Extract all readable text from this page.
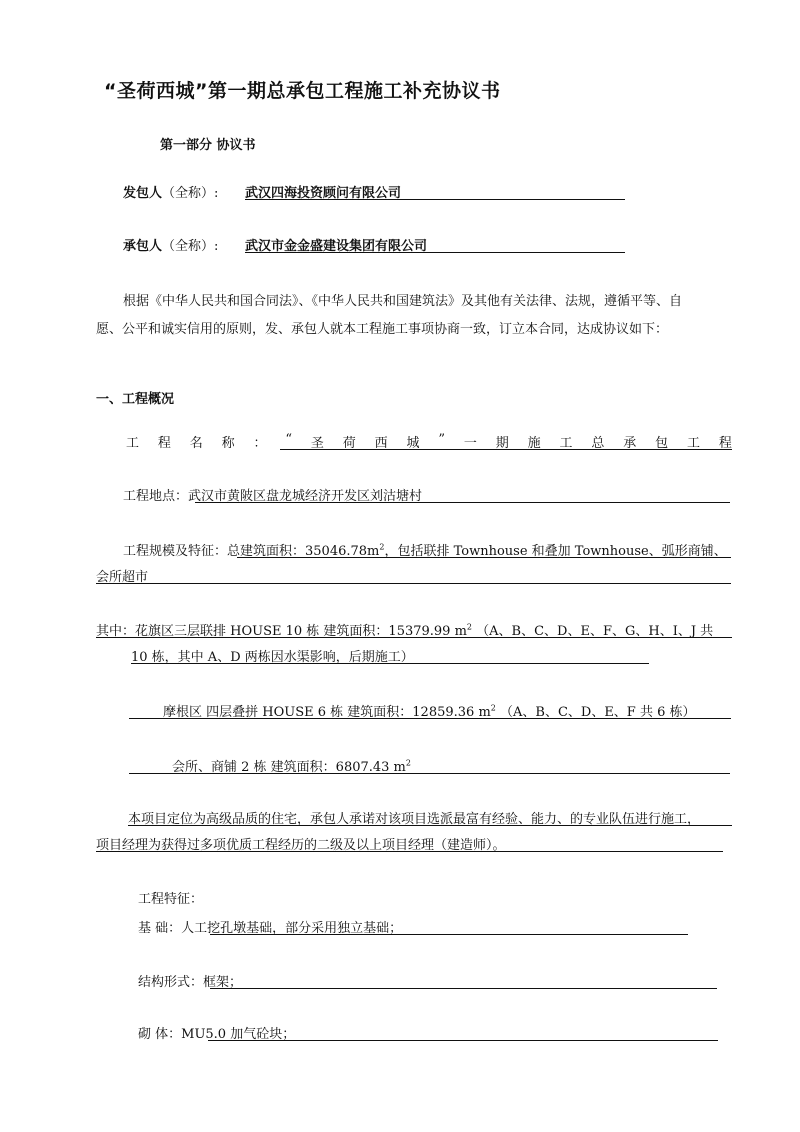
“圣荷西城”第一期总承包工程施工补充协议书
第一部分 协议书
发包人（全称）: 武汉四海投资顾问有限公司
承包人（全称）: 武汉市金金盛建设集团有限公司
根据《中华人民共和国合同法》、《中华人民共和国建筑法》及其他有关法律、法规，遵循平等、自
愿、公平和诚实信用的原则，发、承包人就本工程施工事项协商一致，订立本合同，达成协议如下：
一、工程概况
工 程 名 称 ： “ 圣 荷 西 城 ” 一 期 施 工 总 承 包 工 程
工程地点：武汉市黄陂区盘龙城经济开发区刘沽塘村
工程规模及特征：总建筑面积：$35046.78m^2$，包括联排 Townhouse 和叠加 Townhouse、弧形商铺、
会所超市
其中：花旗区三层联排 HOUSE 10 栋 建筑面积：15379.99 $m^2$ （A、B、C、D、E、F、G、H、I、J 共
10 栋，其中 A、D 两栋因水渠影响，后期施工）
摩根区 四层叠拼 HOUSE 6 栋 建筑面积：12859.36 $m^2$ （A、B、C、D、E、F 共 6 栋）
会所、商铺 2 栋 建筑面积：6807.43 $m^2$
本项目定位为高级品质的住宅，承包人承诺对该项目选派最富有经验、能力、的专业队伍进行施工，
项目经理为获得过多项优质工程经历的二级及以上项目经理（建造师）。
工程特征：
基 础：人工挖孔墩基础，部分采用独立基础；
结构形式：框架；
砌 体：MU5.0 加气砼块；
